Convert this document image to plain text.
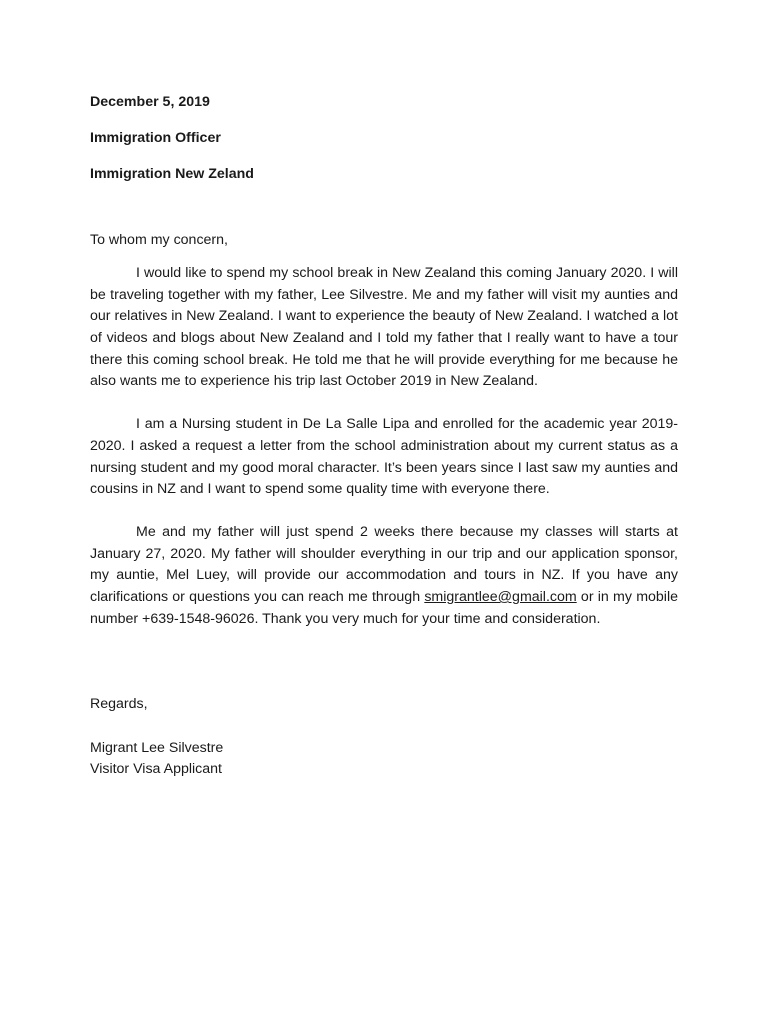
December 5, 2019

Immigration Officer

Immigration New Zeland

To whom my concern,

I would like to spend my school break in New Zealand this coming January 2020. I will be traveling together with my father, Lee Silvestre. Me and my father will visit my aunties and our relatives in New Zealand. I want to experience the beauty of New Zealand. I watched a lot of videos and blogs about New Zealand and I told my father that I really want to have a tour there this coming school break. He told me that he will provide everything for me because he also wants me to experience his trip last October 2019 in New Zealand.

I am a Nursing student in De La Salle Lipa and enrolled for the academic year 2019-2020. I asked a request a letter from the school administration about my current status as a nursing student and my good moral character. It’s been years since I last saw my aunties and cousins in NZ and I want to spend some quality time with everyone there.

Me and my father will just spend 2 weeks there because my classes will starts at January 27, 2020. My father will shoulder everything in our trip and our application sponsor, my auntie, Mel Luey, will provide our accommodation and tours in NZ. If you have any clarifications or questions you can reach me through smigrantlee@gmail.com or in my mobile number +639-1548-96026. Thank you very much for your time and consideration.

Regards,

Migrant Lee Silvestre

Visitor Visa Applicant
